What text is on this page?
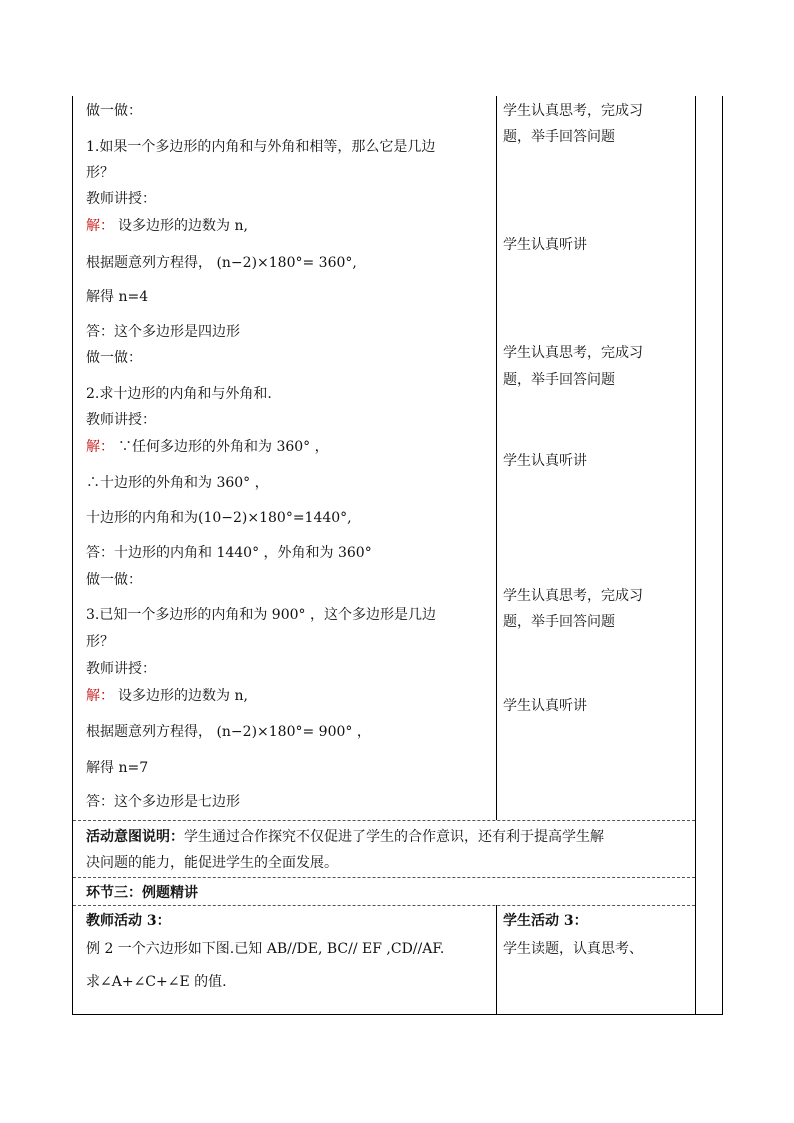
做一做：
1.如果一个多边形的内角和与外角和相等，那么它是几边
形？
教师讲授：
解： 设多边形的边数为 n,
根据题意列方程得， (n−2)×180°= 360°,
解得 n=4
答：这个多边形是四边形
做一做：
2.求十边形的内角和与外角和.
教师讲授：
解： ∵任何多边形的外角和为 360° ，
∴十边形的外角和为 360° ，
十边形的内角和为(10−2)×180°=1440°,
答：十边形的内角和 1440° ，外角和为 360°
做一做：
3.已知一个多边形的内角和为 900° ，这个多边形是几边
形？
教师讲授：
解： 设多边形的边数为 n,
根据题意列方程得， (n−2)×180°= 900° ，
解得 n=7
答：这个多边形是七边形
学生认真思考，完成习
题，举手回答问题
学生认真听讲
学生认真思考，完成习
题，举手回答问题
学生认真听讲
学生认真思考，完成习
题，举手回答问题
学生认真听讲
活动意图说明：学生通过合作探究不仅促进了学生的合作意识，还有利于提高学生解
决问题的能力，能促进学生的全面发展。
环节三：例题精讲
教师活动 3：
例 2 一个六边形如下图.已知 AB//DE, BC// EF ,CD//AF.
求∠A+∠C+∠E 的值.
学生活动 3：
学生读题，认真思考、
